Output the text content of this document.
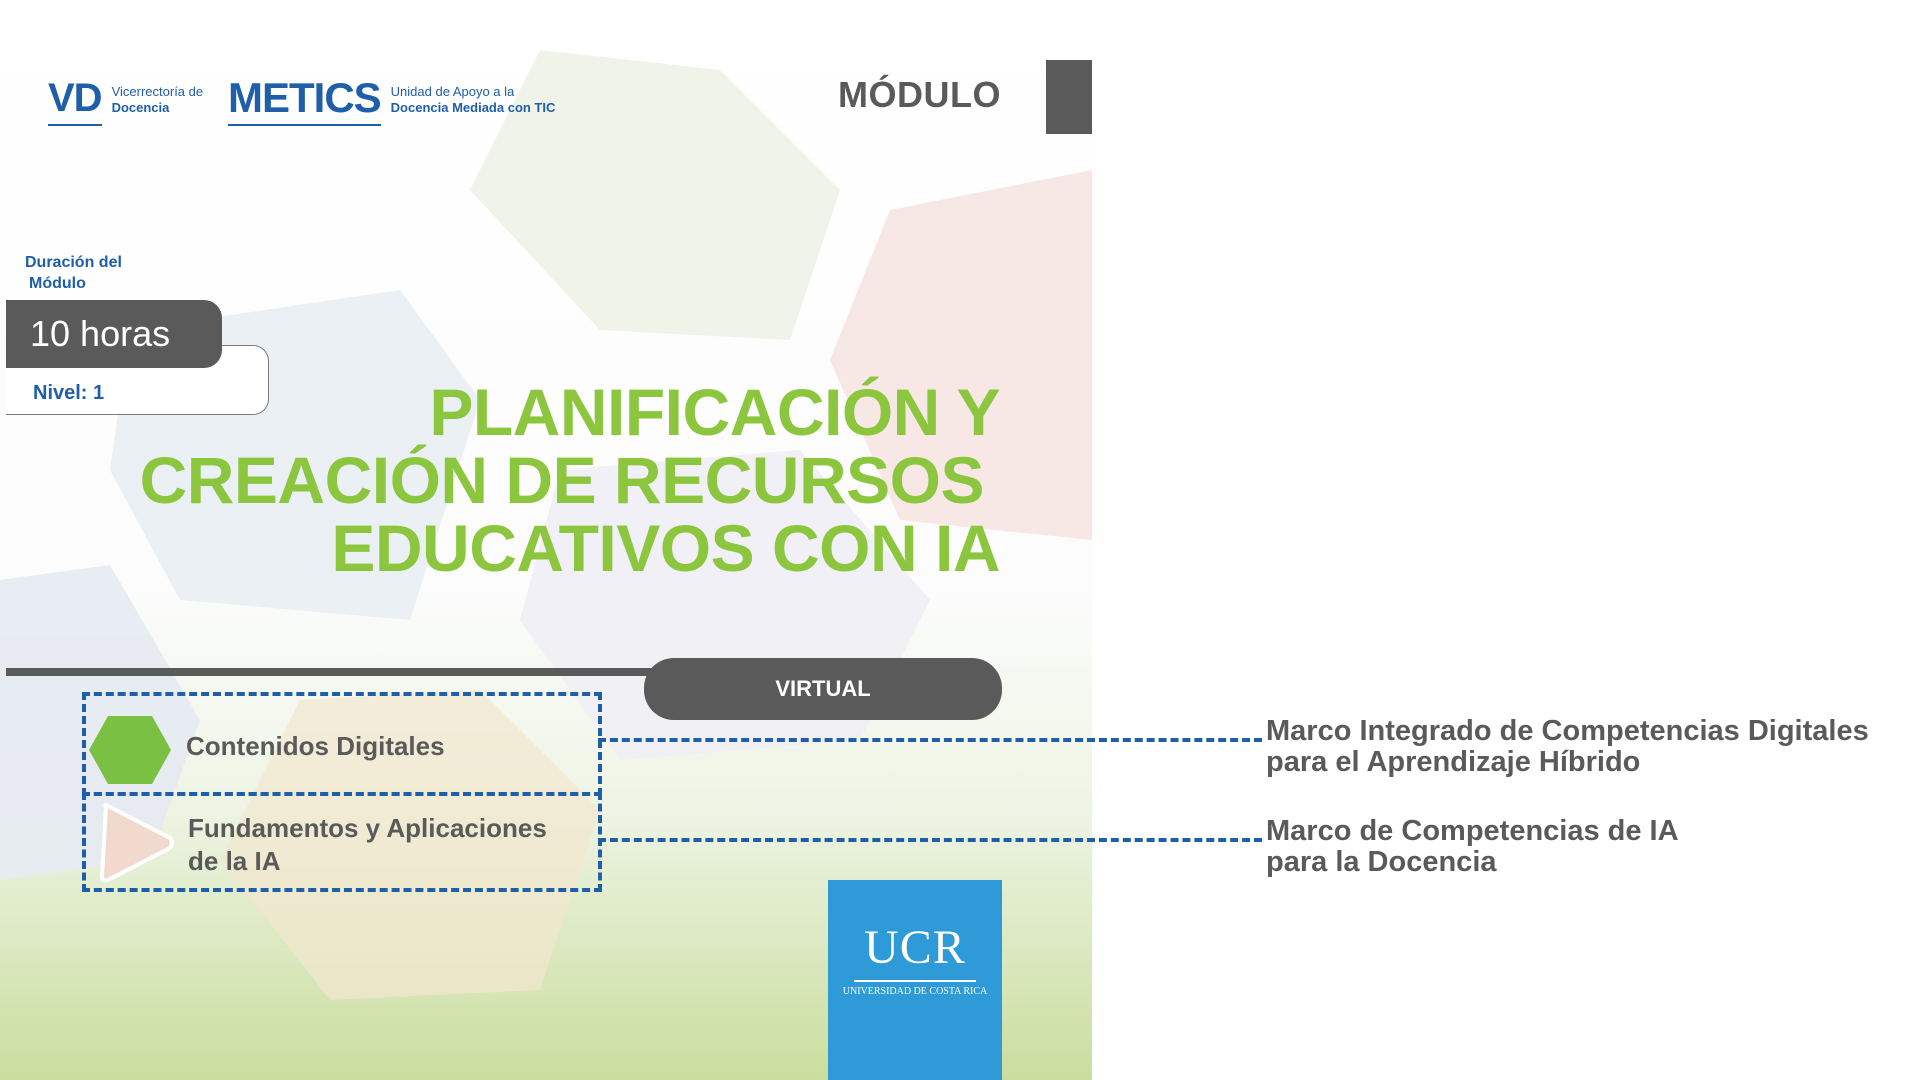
VD Vicerrectoría de
Docencia	METICS Unidad de Apoyo a la
Docencia Mediada con TIC	MÓDULO
Duración del
Módulo
Nivel: 1
10 horas
PLANIFICACIÓN Y
CREACIÓN DE RECURSOS
EDUCATIVOS CON IA
VIRTUAL
Contenidos Digitales
Fundamentos y Aplicaciones
de la IA
UCR
UNIVERSIDAD DE COSTA RICA
Marco Integrado de Competencias Digitales
para el Aprendizaje Híbrido
Marco de Competencias de IA
para la Docencia
